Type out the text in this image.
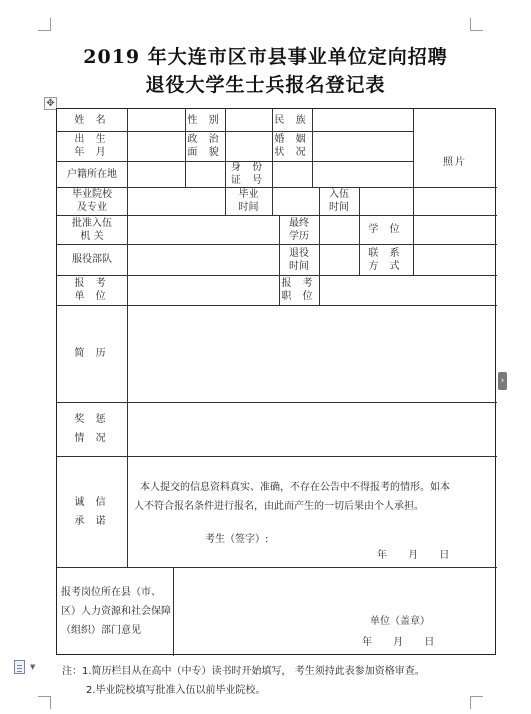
2019 年大连市区市县事业单位定向招聘
退役大学生士兵报名登记表
✥
姓 名	性 别	民 族
照片
出 生
年 月
政 治
面 貌
婚 姻
状 况
户籍所在地
身 份
证 号
毕业院校
及专业
毕业
时间
入伍
时间
批准入伍
机 关
最终
学历
学 位
服役部队
退役
时间
联 系
方 式
报 考
单 位
报 考
职 位
简 历
奖 惩
情 况
诚 信
承 诺
报考岗位所在县（市、区）人力资源和社会保障（组织）部门意见
本人提交的信息资料真实、准确，不存在公告中不得报考的情形。如本
人不符合报名条件进行报名，由此而产生的一切后果由个人承担。
考生（签字）:
年 月 日
单位（盖章）
年 月 日
注：1.简历栏目从在高中（中专）读书时开始填写， 考生须持此表参加资格审查。
2.毕业院校填写批准入伍以前毕业院校。
›
▼
